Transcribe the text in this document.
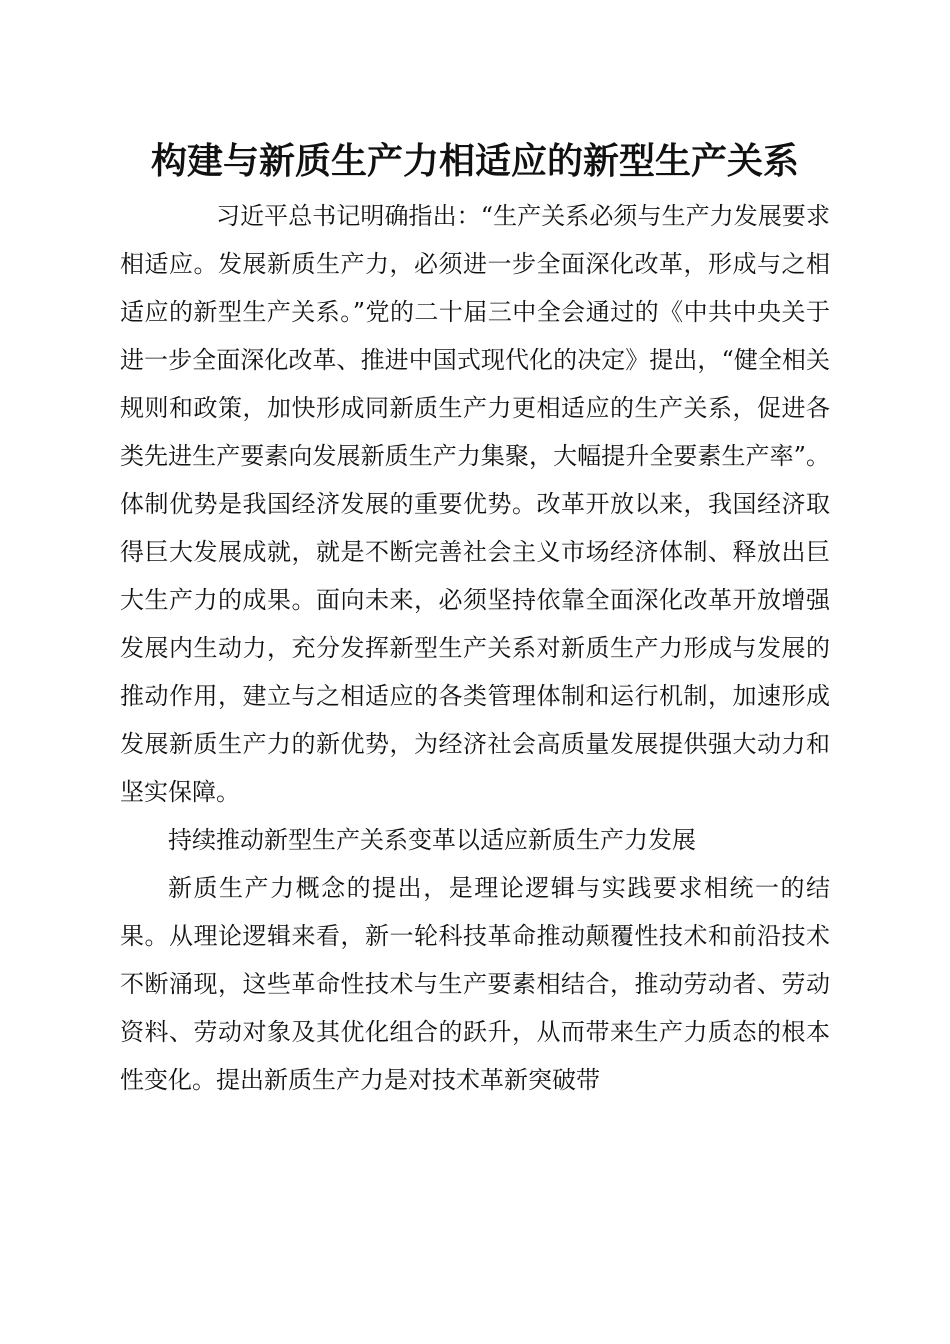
构建与新质生产力相适应的新型生产关系

习近平总书记明确指出：“生产关系必须与生产力发展要求相适应。发展新质生产力，必须进一步全面深化改革，形成与之相适应的新型生产关系。”党的二十届三中全会通过的《中共中央关于进一步全面深化改革、推进中国式现代化的决定》提出，“健全相关规则和政策，加快形成同新质生产力更相适应的生产关系，促进各类先进生产要素向发展新质生产力集聚，大幅提升全要素生产率”。体制优势是我国经济发展的重要优势。改革开放以来，我国经济取得巨大发展成就，就是不断完善社会主义市场经济体制、释放出巨大生产力的成果。面向未来，必须坚持依靠全面深化改革开放增强发展内生动力，充分发挥新型生产关系对新质生产力形成与发展的推动作用，建立与之相适应的各类管理体制和运行机制，加速形成发展新质生产力的新优势，为经济社会高质量发展提供强大动力和坚实保障。

持续推动新型生产关系变革以适应新质生产力发展

新质生产力概念的提出，是理论逻辑与实践要求相统一的结果。从理论逻辑来看，新一轮科技革命推动颠覆性技术和前沿技术不断涌现，这些革命性技术与生产要素相结合，推动劳动者、劳动资料、劳动对象及其优化组合的跃升，从而带来生产力质态的根本性变化。提出新质生产力是对技术革新突破带
